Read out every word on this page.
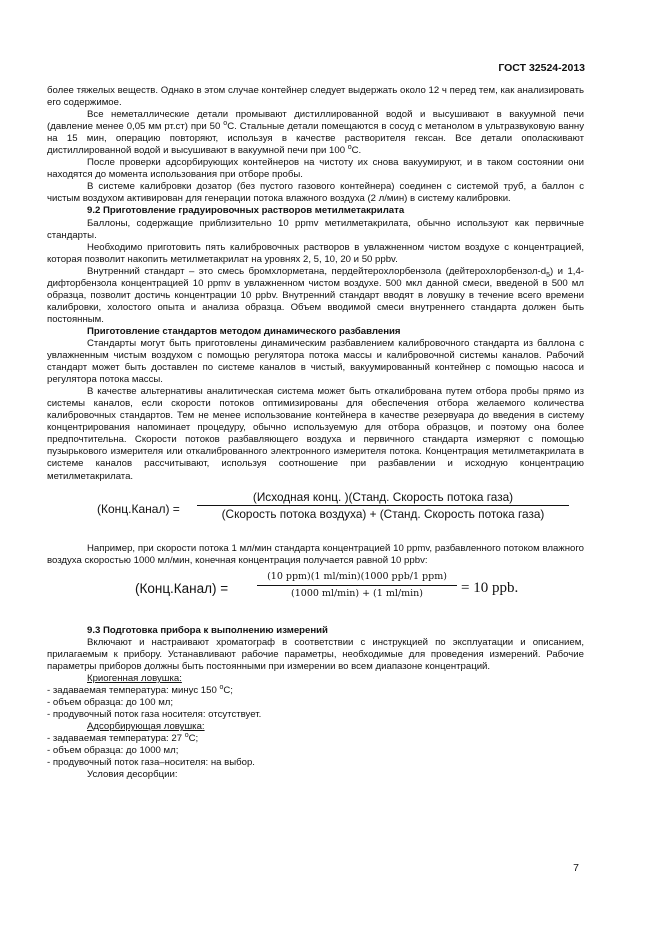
ГОСТ 32524-2013

более тяжелых веществ. Однако в этом случае контейнер следует выдержать около 12 ч перед тем, как анализировать его содержимое.

Все неметаллические детали промывают дистиллированной водой и высушивают в вакуумной печи (давление менее 0,05 мм рт.ст) при 50 $^o$C. Стальные детали помещаются в сосуд с метанолом в ультразвуковую ванну на 15 мин, операцию повторяют, используя в качестве растворителя гексан. Все детали ополаскивают дистиллированной водой и высушивают в вакуумной печи при 100 $^o$C.

После проверки адсорбирующих контейнеров на чистоту их снова вакуумируют, и в таком состоянии они находятся до момента использования при отборе пробы.

В системе калибровки дозатор (без пустого газового контейнера) соединен с системой труб, а баллон с чистым воздухом активирован для генерации потока влажного воздуха (2 л/мин) в систему калибровки.

9.2 Приготовление градуировочных растворов метилметакрилата

Баллоны, содержащие приблизительно 10 ppmv метилметакрилата, обычно используют как первичные стандарты.

Необходимо приготовить пять калибровочных растворов в увлажненном чистом воздухе с концентрацией, которая позволит накопить метилметакрилат на уровнях 2, 5, 10, 20 и 50 ppbv.

Внутренний стандарт – это смесь бромхлорметана, пердейтерохлорбензола $(дейтерохлорбензол-d_5)$ и 1,4-дифторбензола концентрацией 10 ppmv в увлажненном чистом воздухе. 500 мкл данной смеси, введеной в 500 мл образца, позволит достичь концентрации 10 ppbv. Внутренний стандарт вводят в ловушку в течение всего времени калибровки, холостого опыта и анализа образца. Объем вводимой смеси внутреннего стандарта должен быть постоянным.

Приготовление стандартов методом динамического разбавления

Стандарты могут быть приготовлены динамическим разбавлением калибровочного стандарта из баллона с увлажненным чистым воздухом с помощью регулятора потока массы и калибровочной системы каналов. Рабочий стандарт может быть доставлен по системе каналов в чистый, вакуумированный контейнер с помощью насоса и регулятора потока массы.

В качестве альтернативы аналитическая система может быть откалибрована путем отбора пробы прямо из системы каналов, если скорости потоков оптимизированы для обеспечения отбора желаемого количества калибровочных стандартов. Тем не менее использование контейнера в качестве резервуара до введения в систему концентрирования напоминает процедуру, обычно используемую для отбора образцов, и поэтому она более предпочтительна. Скорости потоков разбавляющего воздуха и первичного стандарта измеряют с помощью пузырькового измерителя или откалиброванного электронного измерителя потока. Концентрация метилметакрилата в системе каналов рассчитывают, используя соотношение при разбавлении и исходную концентрацию метилметакрилата.

(Конц.Канал) =
(Исходная конц. )(Станд. Скорость потока газа)
(Скорость потока воздуха) + (Станд. Скорость потока газа)

Например, при скорости потока 1 мл/мин стандарта концентрацией 10 ppmv, разбавленного потоком влажного воздуха скоростью 1000 мл/мин, конечная концентрация получается равной 10 ppbv:

(Конц.Канал) =
(10 ppm)(1 ml/min)(1000 ppb/1 ppm)
(1000 ml/min) + (1 ml/min)	= 10 ppb.

9.3 Подготовка прибора к выполнению измерений

Включают и настраивают хроматограф в соответствии с инструкцией по эксплуатации и описанием, прилагаемым к прибору. Устанавливают рабочие параметры, необходимые для проведения измерений. Рабочие параметры приборов должны быть постоянными при измерении во всем диапазоне концентраций.

Криогенная ловушка:

- задаваемая температура: минус 150 $^o$C;

- объем образца: до 100 мл;

- продувочный поток газа носителя: отсутствует.

Адсорбирующая ловушка:

- задаваемая температура: 27 $^o$C;

- объем образца: до 1000 мл;

- продувочный поток газа–носителя: на выбор.

Условия десорбции:

7
